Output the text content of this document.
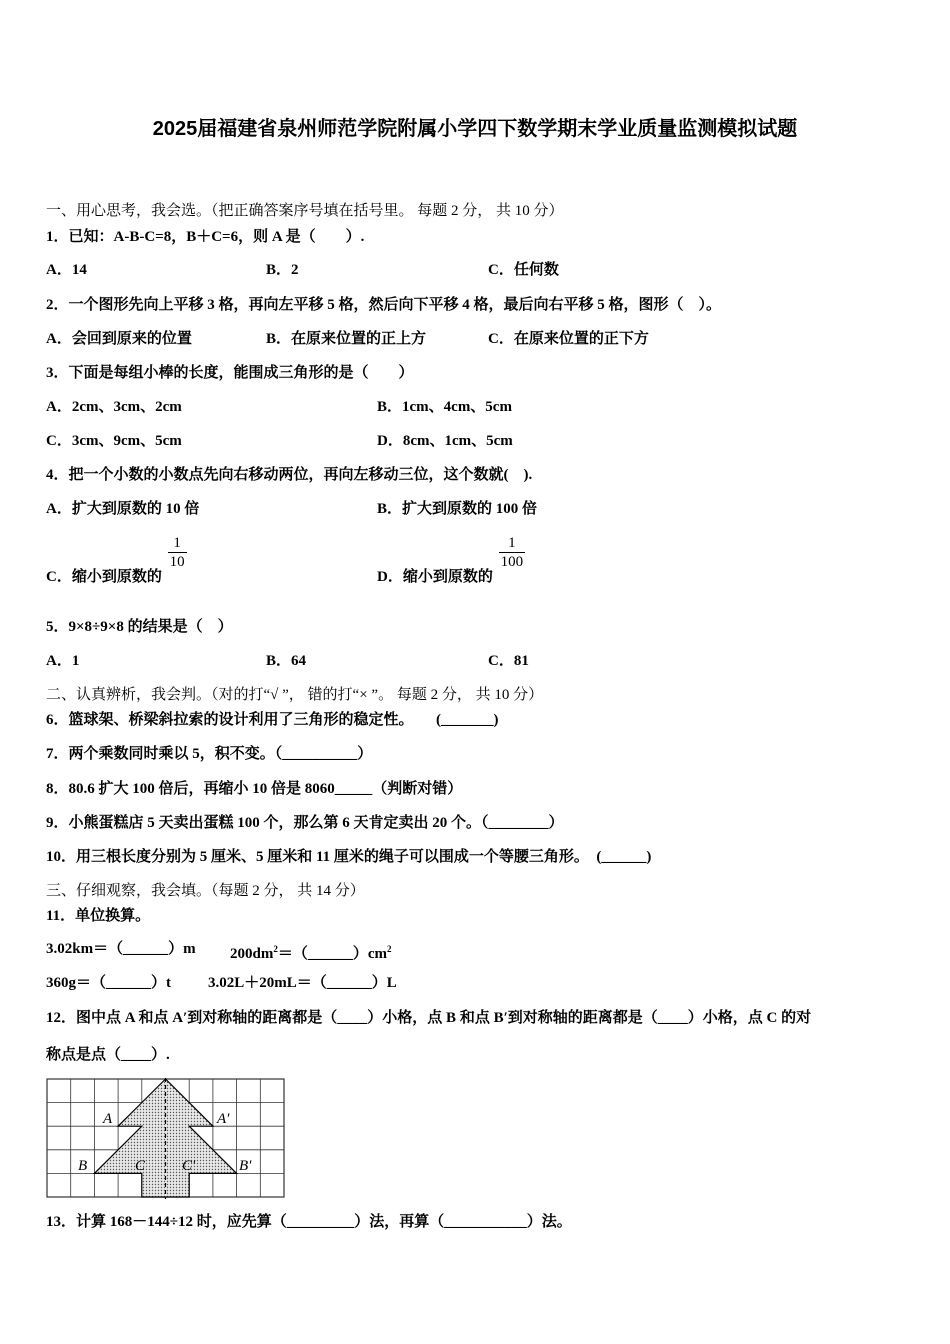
2025届福建省泉州师范学院附属小学四下数学期末学业质量监测模拟试题
一、用心思考，我会选。（把正确答案序号填在括号里。 每题 2 分， 共 10 分）
1．已知：A-B-C=8，B＋C=6，则 A 是（　　）.
A．14	B．2	C．任何数
2．一个图形先向上平移 3 格，再向左平移 5 格，然后向下平移 4 格，最后向右平移 5 格，图形（　）。
A．会回到原来的位置	B．在原来位置的正上方	C．在原来位置的正下方
3．下面是每组小棒的长度，能围成三角形的是（　　）
A．2cm、3cm、2cm	B．1cm、4cm、5cm
C．3cm、9cm、5cm	D．8cm、1cm、5cm
4．把一个小数的小数点先向右移动两位，再向左移动三位，这个数就(　).
A．扩大到原数的 10 倍	B．扩大到原数的 100 倍
C．缩小到原数的
$\frac{1}{10}$
D．缩小到原数的
$\frac{1}{100}$
5．9×8÷9×8 的结果是（　）
A．1	B．64	C．81
二、认真辨析，我会判。（对的打“√ ”， 错的打“× ”。 每题 2 分， 共 10 分）
6．篮球架、桥梁斜拉索的设计利用了三角形的稳定性。　　(_______)
7．两个乘数同时乘以 5，积不变。（__________）
8．80.6 扩大 100 倍后，再缩小 10 倍是 8060_____（判断对错）
9．小熊蛋糕店 5 天卖出蛋糕 100 个，那么第 6 天肯定卖出 20 个。（________）
10．用三根长度分别为 5 厘米、5 厘米和 11 厘米的绳子可以围成一个等腰三角形。　(______)
三、仔细观察，我会填。（每题 2 分， 共 14 分）
11．单位换算。
3.02km＝（______）m $200dm^2=(\_\_\_\_\_\_)cm^2$
360g＝（______）t 3.02L＋20mL＝（______）L
12．图中点 A 和点 A′到对称轴的距离都是（____）小格，点 B 和点 B′到对称轴的距离都是（____）小格，点 C 的对
称点是点（____）.
A	A′
B	B′
C C′
13．计算 168－144÷12 时，应先算（_________）法，再算（___________）法。
